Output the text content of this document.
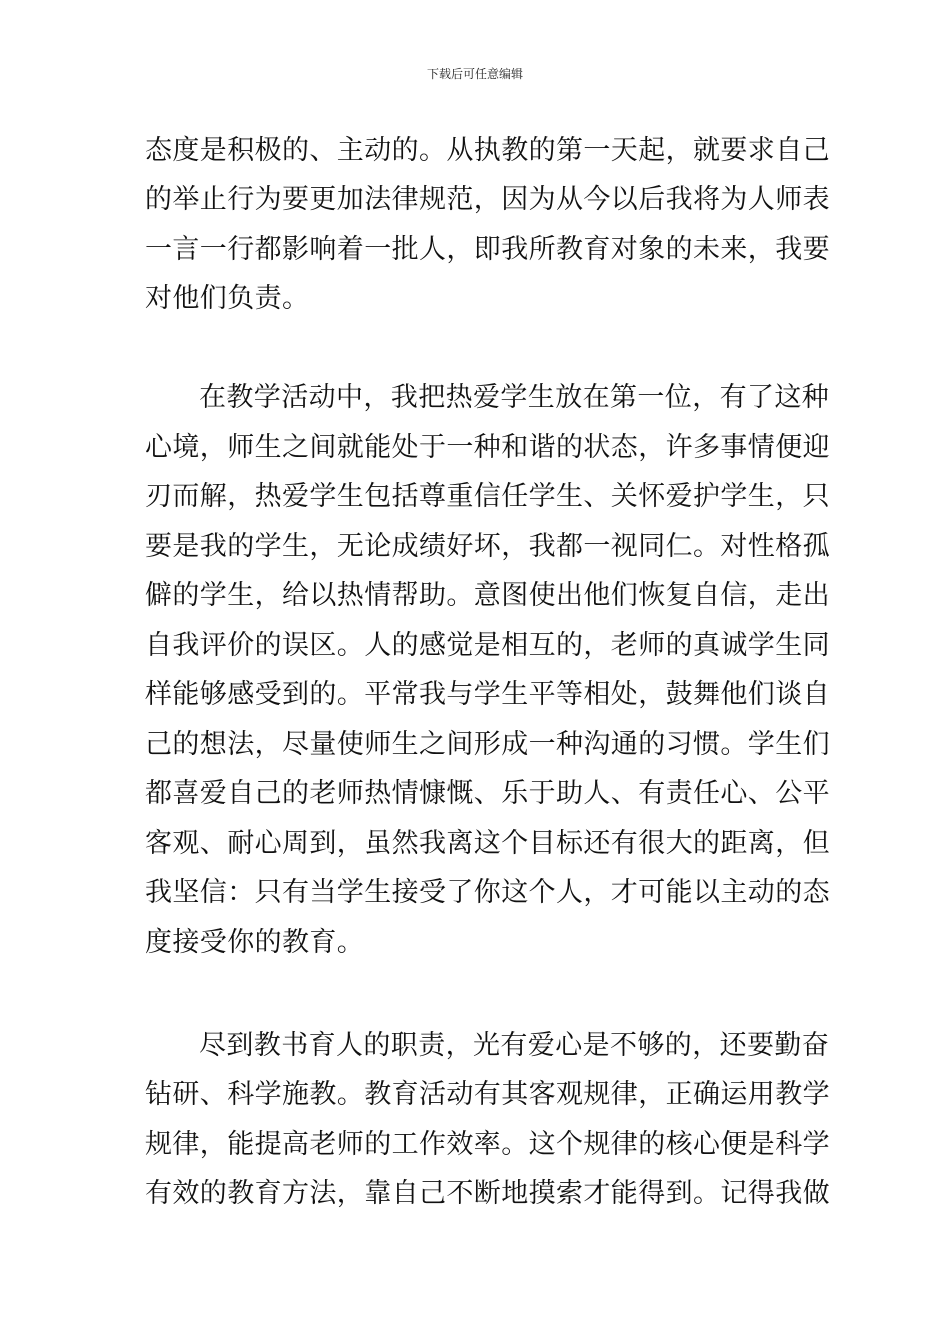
下载后可任意编辑
态度是积极的、主动的。从执教的第一天起，就要求自己
的举止行为要更加法律规范，因为从今以后我将为人师表
一言一行都影响着一批人，即我所教育对象的未来，我要
对他们负责。
在教学活动中，我把热爱学生放在第一位，有了这种
心境，师生之间就能处于一种和谐的状态，许多事情便迎
刃而解，热爱学生包括尊重信任学生、关怀爱护学生，只
要是我的学生，无论成绩好坏，我都一视同仁。对性格孤
僻的学生，给以热情帮助。意图使出他们恢复自信，走出
自我评价的误区。人的感觉是相互的，老师的真诚学生同
样能够感受到的。平常我与学生平等相处，鼓舞他们谈自
己的想法，尽量使师生之间形成一种沟通的习惯。学生们
都喜爱自己的老师热情慷慨、乐于助人、有责任心、公平
客观、耐心周到，虽然我离这个目标还有很大的距离，但
我坚信：只有当学生接受了你这个人，才可能以主动的态
度接受你的教育。
尽到教书育人的职责，光有爱心是不够的，还要勤奋
钻研、科学施教。教育活动有其客观规律，正确运用教学
规律，能提高老师的工作效率。这个规律的核心便是科学
有效的教育方法，靠自己不断地摸索才能得到。记得我做
